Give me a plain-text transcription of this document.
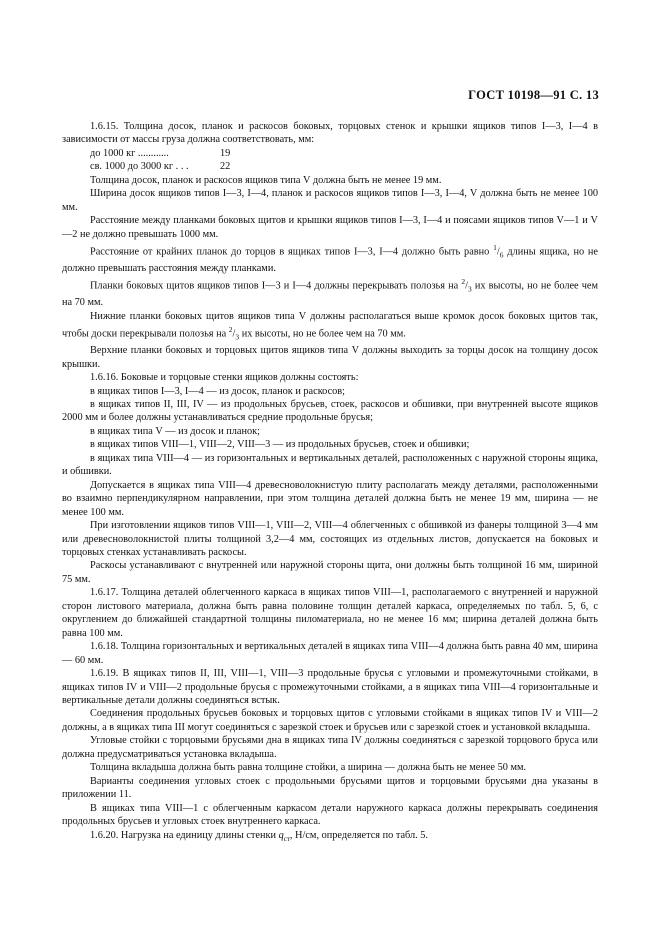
ГОСТ 10198—91 С. 13

1.6.15. Толщина досок, планок и раскосов боковых, торцовых стенок и крышки ящиков типов I—3, I—4 в зависимости от массы груза должна соответствовать, мм:

до 1000 кг ............	19
св. 1000 до 3000 кг . . .	22

Толщина досок, планок и раскосов ящиков типа V должна быть не менее 19 мм.

Ширина досок ящиков типов I—3, I—4, планок и раскосов ящиков типов I—3, I—4, V должна быть не менее 100 мм.

Расстояние между планками боковых щитов и крышки ящиков типов I—3, I—4 и поясами ящиков типов V—1 и V—2 не должно превышать 1000 мм.

Расстояние от крайних планок до торцов в ящиках типов I—3, I—4 должно быть равно $^1/_6$ длины ящика, но не должно превышать расстояния между планками.

Планки боковых щитов ящиков типов I—3 и I—4 должны перекрывать полозья на $^2/_3$ их высоты, но не более чем на 70 мм.

Нижние планки боковых щитов ящиков типа V должны располагаться выше кромок досок боковых щитов так, чтобы доски перекрывали полозья на $^2/_3$ их высоты, но не более чем на 70 мм.

Верхние планки боковых и торцовых щитов ящиков типа V должны выходить за торцы досок на толщину досок крышки.

1.6.16. Боковые и торцовые стенки ящиков должны состоять:

в ящиках типов I—3, I—4 — из досок, планок и раскосов;

в ящиках типов II, III, IV — из продольных брусьев, стоек, раскосов и обшивки, при внутренней высоте ящиков 2000 мм и более должны устанавливаться средние продольные брусья;

в ящиках типа V — из досок и планок;

в ящиках типов VIII—1, VIII—2, VIII—3 — из продольных брусьев, стоек и обшивки;

в ящиках типа VIII—4 — из горизонтальных и вертикальных деталей, расположенных с наружной стороны ящика, и обшивки.

Допускается в ящиках типа VIII—4 древесноволокнистую плиту располагать между деталями, расположенными во взаимно перпендикулярном направлении, при этом толщина деталей должна быть не менее 19 мм, ширина — не менее 100 мм.

При изготовлении ящиков типов VIII—1, VIII—2, VIII—4 облегченных с обшивкой из фанеры толщиной 3—4 мм или древесноволокнистой плиты толщиной 3,2—4 мм, состоящих из отдельных листов, допускается на боковых и торцовых стенках устанавливать раскосы.

Раскосы устанавливают с внутренней или наружной стороны щита, они должны быть толщиной 16 мм, шириной 75 мм.

1.6.17. Толщина деталей облегченного каркаса в ящиках типов VIII—1, располагаемого с внутренней и наружной сторон листового материала, должна быть равна половине толщин деталей каркаса, определяемых по табл. 5, 6, с округлением до ближайшей стандартной толщины пиломатериала, но не менее 16 мм; ширина деталей должна быть равна 100 мм.

1.6.18. Толщина горизонтальных и вертикальных деталей в ящиках типа VIII—4 должна быть равна 40 мм, ширина — 60 мм.

1.6.19. В ящиках типов II, III, VIII—1, VIII—3 продольные брусья с угловыми и промежуточными стойками, в ящиках типов IV и VIII—2 продольные брусья с промежуточными стойками, а в ящиках типа VIII—4 горизонтальные и вертикальные детали должны соединяться встык.

Соединения продольных брусьев боковых и торцовых щитов с угловыми стойками в ящиках типов IV и VIII—2 должны, а в ящиках типа III могут соединяться с зарезкой стоек и брусьев или с зарезкой стоек и установкой вкладыша.

Угловые стойки с торцовыми брусьями дна в ящиках типа IV должны соединяться с зарезкой торцового бруса или должна предусматриваться установка вкладыша.

Толщина вкладыша должна быть равна толщине стойки, а ширина — должна быть не менее 50 мм.

Варианты соединения угловых стоек с продольными брусьями щитов и торцовыми брусьями дна указаны в приложении 11.

В ящиках типа VIII—1 с облегченным каркасом детали наружного каркаса должны перекрывать соединения продольных брусьев и угловых стоек внутреннего каркаса.

1.6.20. Нагрузка на единицу длины стенки $q_{ст}$, Н/см, определяется по табл. 5.
